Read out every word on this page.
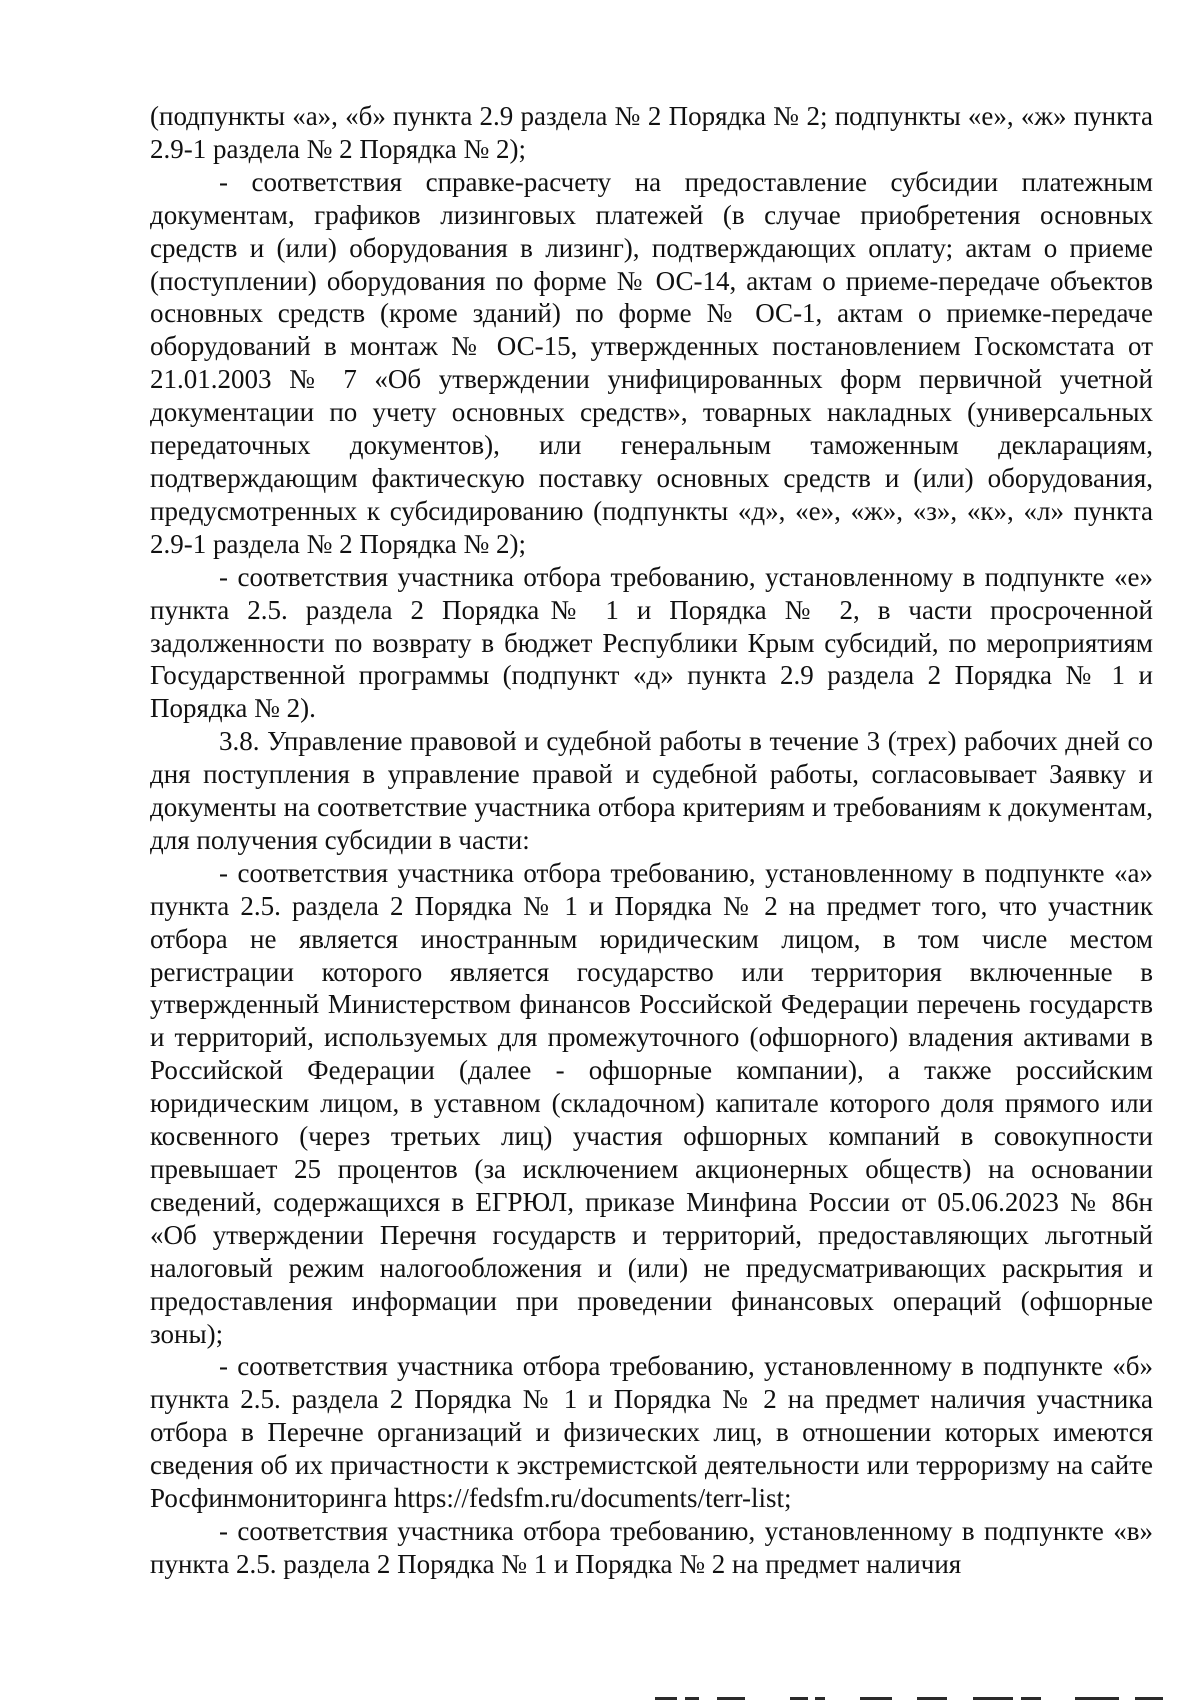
(подпункты «а», «б» пункта 2.9 раздела № 2 Порядка № 2; подпункты «е», «ж» пункта 2.9-1 раздела № 2 Порядка № 2);

- соответствия справке-расчету на предоставление субсидии платежным документам, графиков лизинговых платежей (в случае приобретения основных средств и (или) оборудования в лизинг), подтверждающих оплату; актам о приеме (поступлении) оборудования по форме № ОС-14, актам о приеме-передаче объектов основных средств (кроме зданий) по форме № ОС-1, актам о приемке-передаче оборудований в монтаж № ОС-15, утвержденных постановлением Госкомстата от 21.01.2003 № 7 «Об утверждении унифицированных форм первичной учетной документации по учету основных средств», товарных накладных (универсальных передаточных документов), или генеральным таможенным декларациям, подтверждающим фактическую поставку основных средств и (или) оборудования, предусмотренных к субсидированию (подпункты «д», «е», «ж», «з», «к», «л» пункта 2.9-1 раздела № 2 Порядка № 2);

- соответствия участника отбора требованию, установленному в подпункте «е» пункта 2.5. раздела 2 Порядка№ 1 и Порядка № 2, в части просроченной задолженности по возврату в бюджет Республики Крым субсидий, по мероприятиям Государственной программы (подпункт «д» пункта 2.9 раздела 2 Порядка № 1 и Порядка № 2).

3.8. Управление правовой и судебной работы в течение 3 (трех) рабочих дней со дня поступления в управление правой и судебной работы, согласовывает Заявку и документы на соответствие участника отбора критериям и требованиям к документам, для получения субсидии в части:

- соответствия участника отбора требованию, установленному в подпункте «а» пункта 2.5. раздела 2 Порядка № 1 и Порядка № 2 на предмет того, что участник отбора не является иностранным юридическим лицом, в том числе местом регистрации которого является государство или территория включенные в утвержденный Министерством финансов Российской Федерации перечень государств и территорий, используемых для промежуточного (офшорного) владения активами в Российской Федерации (далее - офшорные компании), а также российским юридическим лицом, в уставном (складочном) капитале которого доля прямого или косвенного (через третьих лиц) участия офшорных компаний в совокупности превышает 25 процентов (за исключением акционерных обществ) на основании сведений, содержащихся в ЕГРЮЛ, приказе Минфина России от 05.06.2023 № 86н «Об утверждении Перечня государств и территорий, предоставляющих льготный налоговый режим налогообложения и (или) не предусматривающих раскрытия и предоставления информации при проведении финансовых операций (офшорные зоны);

- соответствия участника отбора требованию, установленному в подпункте «б» пункта 2.5. раздела 2 Порядка № 1 и Порядка № 2 на предмет наличия участника отбора в Перечне организаций и физических лиц, в отношении которых имеются сведения об их причастности к экстремистской деятельности или терроризму на сайте Росфинмониторинга https://fedsfm.ru/documents/terr-list;

- соответствия участника отбора требованию, установленному в подпункте «в» пункта 2.5. раздела 2 Порядка № 1 и Порядка № 2 на предмет наличия
